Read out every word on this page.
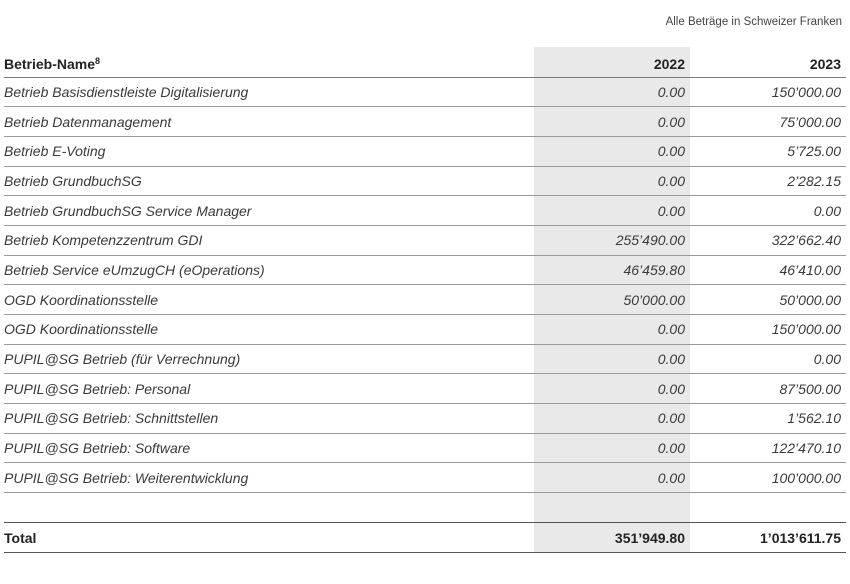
Alle Beträge in Schweizer Franken
Betrieb-Name$^8$	2022	2023
Betrieb Basisdienstleiste Digitalisierung	0.00	150’000.00
Betrieb Datenmanagement	0.00	75’000.00
Betrieb E-Voting	0.00	5’725.00
Betrieb GrundbuchSG	0.00	2’282.15
Betrieb GrundbuchSG Service Manager	0.00	0.00
Betrieb Kompetenzzentrum GDI	255’490.00	322’662.40
Betrieb Service eUmzugCH (eOperations)	46’459.80	46’410.00
OGD Koordinationsstelle	50’000.00	50’000.00
OGD Koordinationsstelle	0.00	150’000.00
PUPIL@SG Betrieb (für Verrechnung)	0.00	0.00
PUPIL@SG Betrieb: Personal	0.00	87’500.00
PUPIL@SG Betrieb: Schnittstellen	0.00	1’562.10
PUPIL@SG Betrieb: Software	0.00	122’470.10
PUPIL@SG Betrieb: Weiterentwicklung	0.00	100’000.00

Total	351’949.80	1’013’611.75
